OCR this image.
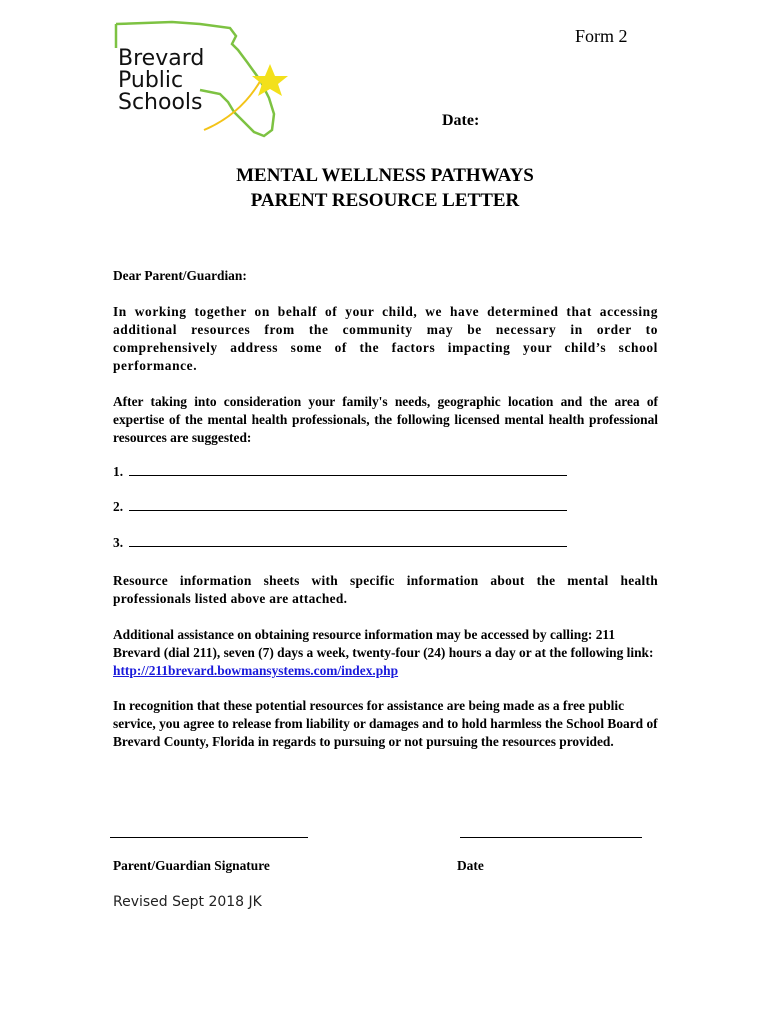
Brevard
Public
Schools
Form 2
Date:
MENTAL WELLNESS PATHWAYS
PARENT RESOURCE LETTER
Dear Parent/Guardian:
In working together on behalf of your child, we have determined that accessing additional resources from the community may be necessary in order to comprehensively address some of the factors impacting your child’s school performance.
After taking into consideration your family's needs, geographic location and the area of expertise of the mental health professionals, the following licensed mental health professional resources are suggested:
1.
2.
3.
Resource information sheets with specific information about the mental health professionals listed above are attached.
Additional assistance on obtaining resource information may be accessed by calling: 211 Brevard (dial 211), seven (7) days a week, twenty-four (24) hours a day or at the following link: http://211brevard.bowmansystems.com/index.php
In recognition that these potential resources for assistance are being made as a free public service, you agree to release from liability or damages and to hold harmless the School Board of Brevard County, Florida in regards to pursuing or not pursuing the resources provided.
Parent/Guardian Signature	Date
Revised Sept 2018 JK
